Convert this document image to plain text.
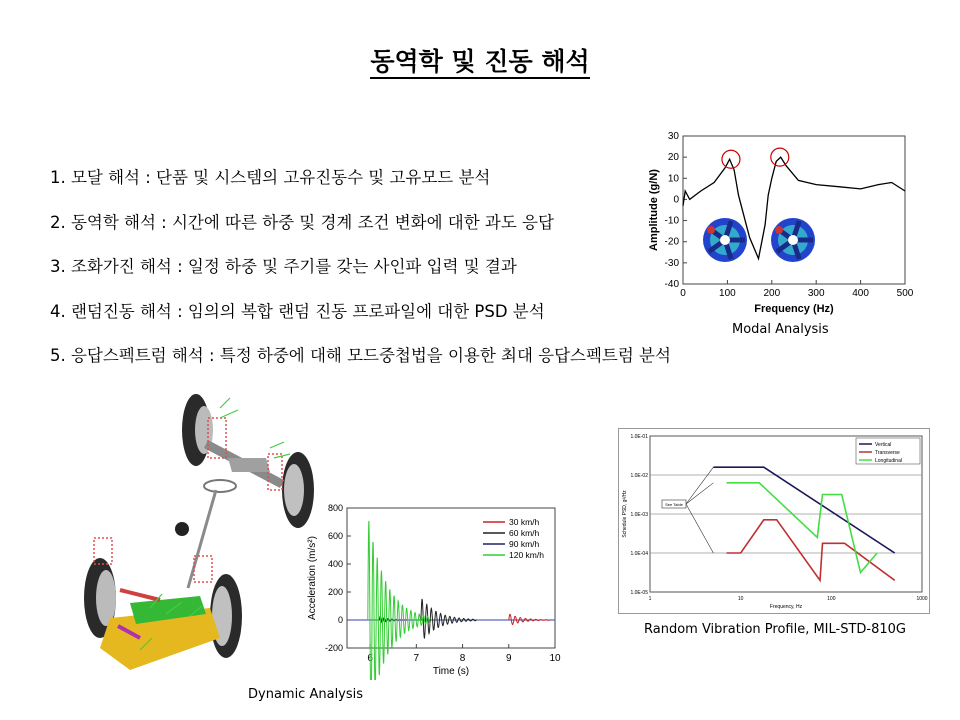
동역학 및 진동 해석
1. 모달 해석 : 단품 및 시스템의 고유진동수 및 고유모드 분석
2. 동역학 해석 : 시간에 따른 하중 및 경계 조건 변화에 대한 과도 응답
3. 조화가진 해석 : 일정 하중 및 주기를 갖는 사인파 입력 및 결과
4. 랜덤진동 해석 : 임의의 복합 랜덤 진동 프로파일에 대한 PSD 분석
5. 응답스펙트럼 해석 : 특정 하중에 대해 모드중첩법을 이용한 최대 응답스펙트럼 분석
0	100	200	300	400	500
30
20
10
0
-10
-20
-30
-40
Frequency (Hz)
Amplitude (g/N)
Modal Analysis
6	7	8	9	10
800
600
400
200
0
-200
Time (s)
Acceleration (m/s²)
30 km/h
60 km/h
90 km/h
120 km/h
Dynamic Analysis
1.0E-01
1.0E-02
1.0E-03
1.0E-04
1.0E-05
1	10	100	1000
Frequency, Hz
Schedule PSD, g²/Hz	See Table
Vertical
Transverse
Longitudinal
Random Vibration Profile, MIL-STD-810G
